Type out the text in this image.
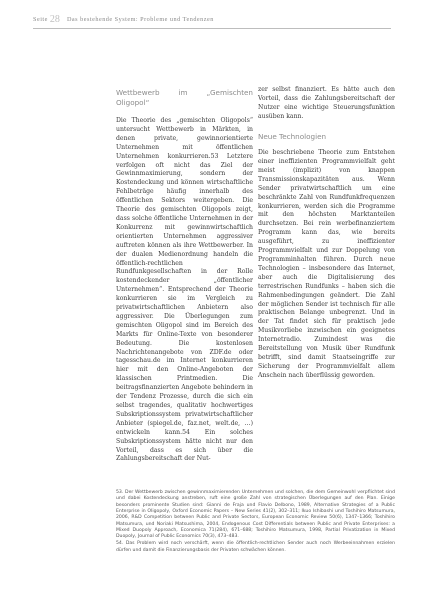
Seite 28 Das bestehende System: Probleme und Tendenzen
Wettbewerb im „Gemischten Oligopol“

Die Theorie des „gemischten Oligopols“ untersucht Wettbewerb in Märkten, in denen private, gewinnorientierte Unternehmen mit öffentlichen Unternehmen konkurrieren.53 Letztere verfolgen oft nicht das Ziel der Gewinnmaximierung, sondern der Kostendeckung und können wirtschaftliche Fehlbeträge häufig innerhalb des öffentlichen Sektors weitergeben. Die Theorie des gemischten Oligopols zeigt, dass solche öffentliche Unternehmen in der Konkurrenz mit gewinnwirtschaftlich orientierten Unternehmen aggressiver auftreten können als ihre Wettbewerber. In der dualen Medienordnung handeln die öffentlich-rechtlichen Rundfunkgesellschaften in der Rolle kostendeckender „öffentlicher Unternehmen“. Entsprechend der Theorie konkurrieren sie im Vergleich zu privatwirtschaftlichen Anbietern also aggressiver. Die Überlegungen zum gemischten Oligopol sind im Bereich des Markts für Online-Texte von besonderer Bedeutung. Die kostenlosen Nachrichtenangebote von ZDF.de oder tagesschau.de im Internet konkurrieren hier mit den Online-Angeboten der klassischen Printmedien. Die beitragsfinanzierten Angebote behindern in der Tendenz Prozesse, durch die sich ein selbst tragendes, qualitativ hochwertiges Subskriptionssystem privatwirtschaftlicher Anbieter (spiegel.de, faz.net, welt.de, …) entwickeln kann.54 Ein solches Subskriptionssystem hätte nicht nur den Vorteil, dass es sich über die Zahlungsbereitschaft der Nut-

zer selbst finanziert. Es hätte auch den Vorteil, dass die Zahlungsbereitschaft der Nutzer eine wichtige Steuerungsfunktion ausüben kann.

Neue Technologien

Die beschriebene Theorie zum Entstehen einer ineffizienten Programmvielfalt geht meist (implizit) von knappen Transmissionskapazitäten aus. Wenn Sender privatwirtschaftlich um eine beschränkte Zahl von Rundfunkfrequenzen konkurrieren, werden sich die Programme mit den höchsten Marktanteilen durchsetzen. Bei rein werbefinanziertem Programm kann das, wie bereits ausgeführt, zu ineffizienter Programmvielfalt und zur Doppelung von Programminhalten führen. Durch neue Technologien – insbesondere das Internet, aber auch die Digitalisierung des terrestrischen Rundfunks – haben sich die Rahmenbedingungen geändert. Die Zahl der möglichen Sender ist technisch für alle praktischen Belange unbegrenzt. Und in der Tat findet sich für praktisch jede Musikvorliebe inzwischen ein geeignetes Internetradio. Zumindest was die Bereitstellung von Musik über Rundfunk betrifft, sind damit Staatseingriffe zur Sicherung der Programmvielfalt allem Anschein nach überflüssig geworden.

53. Der Wettbewerb zwischen gewinnmaximierenden Unternehmen und solchen, die dem Gemeinwohl verpflichtet sind und dabei Kostendeckung anstreben, ruft eine große Zahl von strategischen Überlegungen auf den Plan. Einige besonders prominente Studien sind: Gianni de Fraja und Flavio Delbono, 1989, Alternative Strategies of a Public Enterprise in Oligopoly, Oxford Economic Papers – New Series 41(2), 302–311; Ikuo Ishibashi und Toshihiro Matsumura, 2006, R&D Competition between Public and Private Sectors, European Economic Review 50(6), 1347–1366; Toshihiro Matsumura, und Noriaki Matsushima, 2004, Endogenous Cost Differentials between Public and Private Enterprises: a Mixed Duopoly Approach, Economica 71(284), 671–688; Toshihiro Matsumura, 1998, Partial Privatization in Mixed Duopoly, Journal of Public Economics 70(3), 473–483.

54. Das Problem wird noch verschärft, wenn die öffentlich-rechtlichen Sender auch noch Werbeeinnahmen erzielen dürfen und damit die Finanzierungsbasis der Privaten schwächen können.
